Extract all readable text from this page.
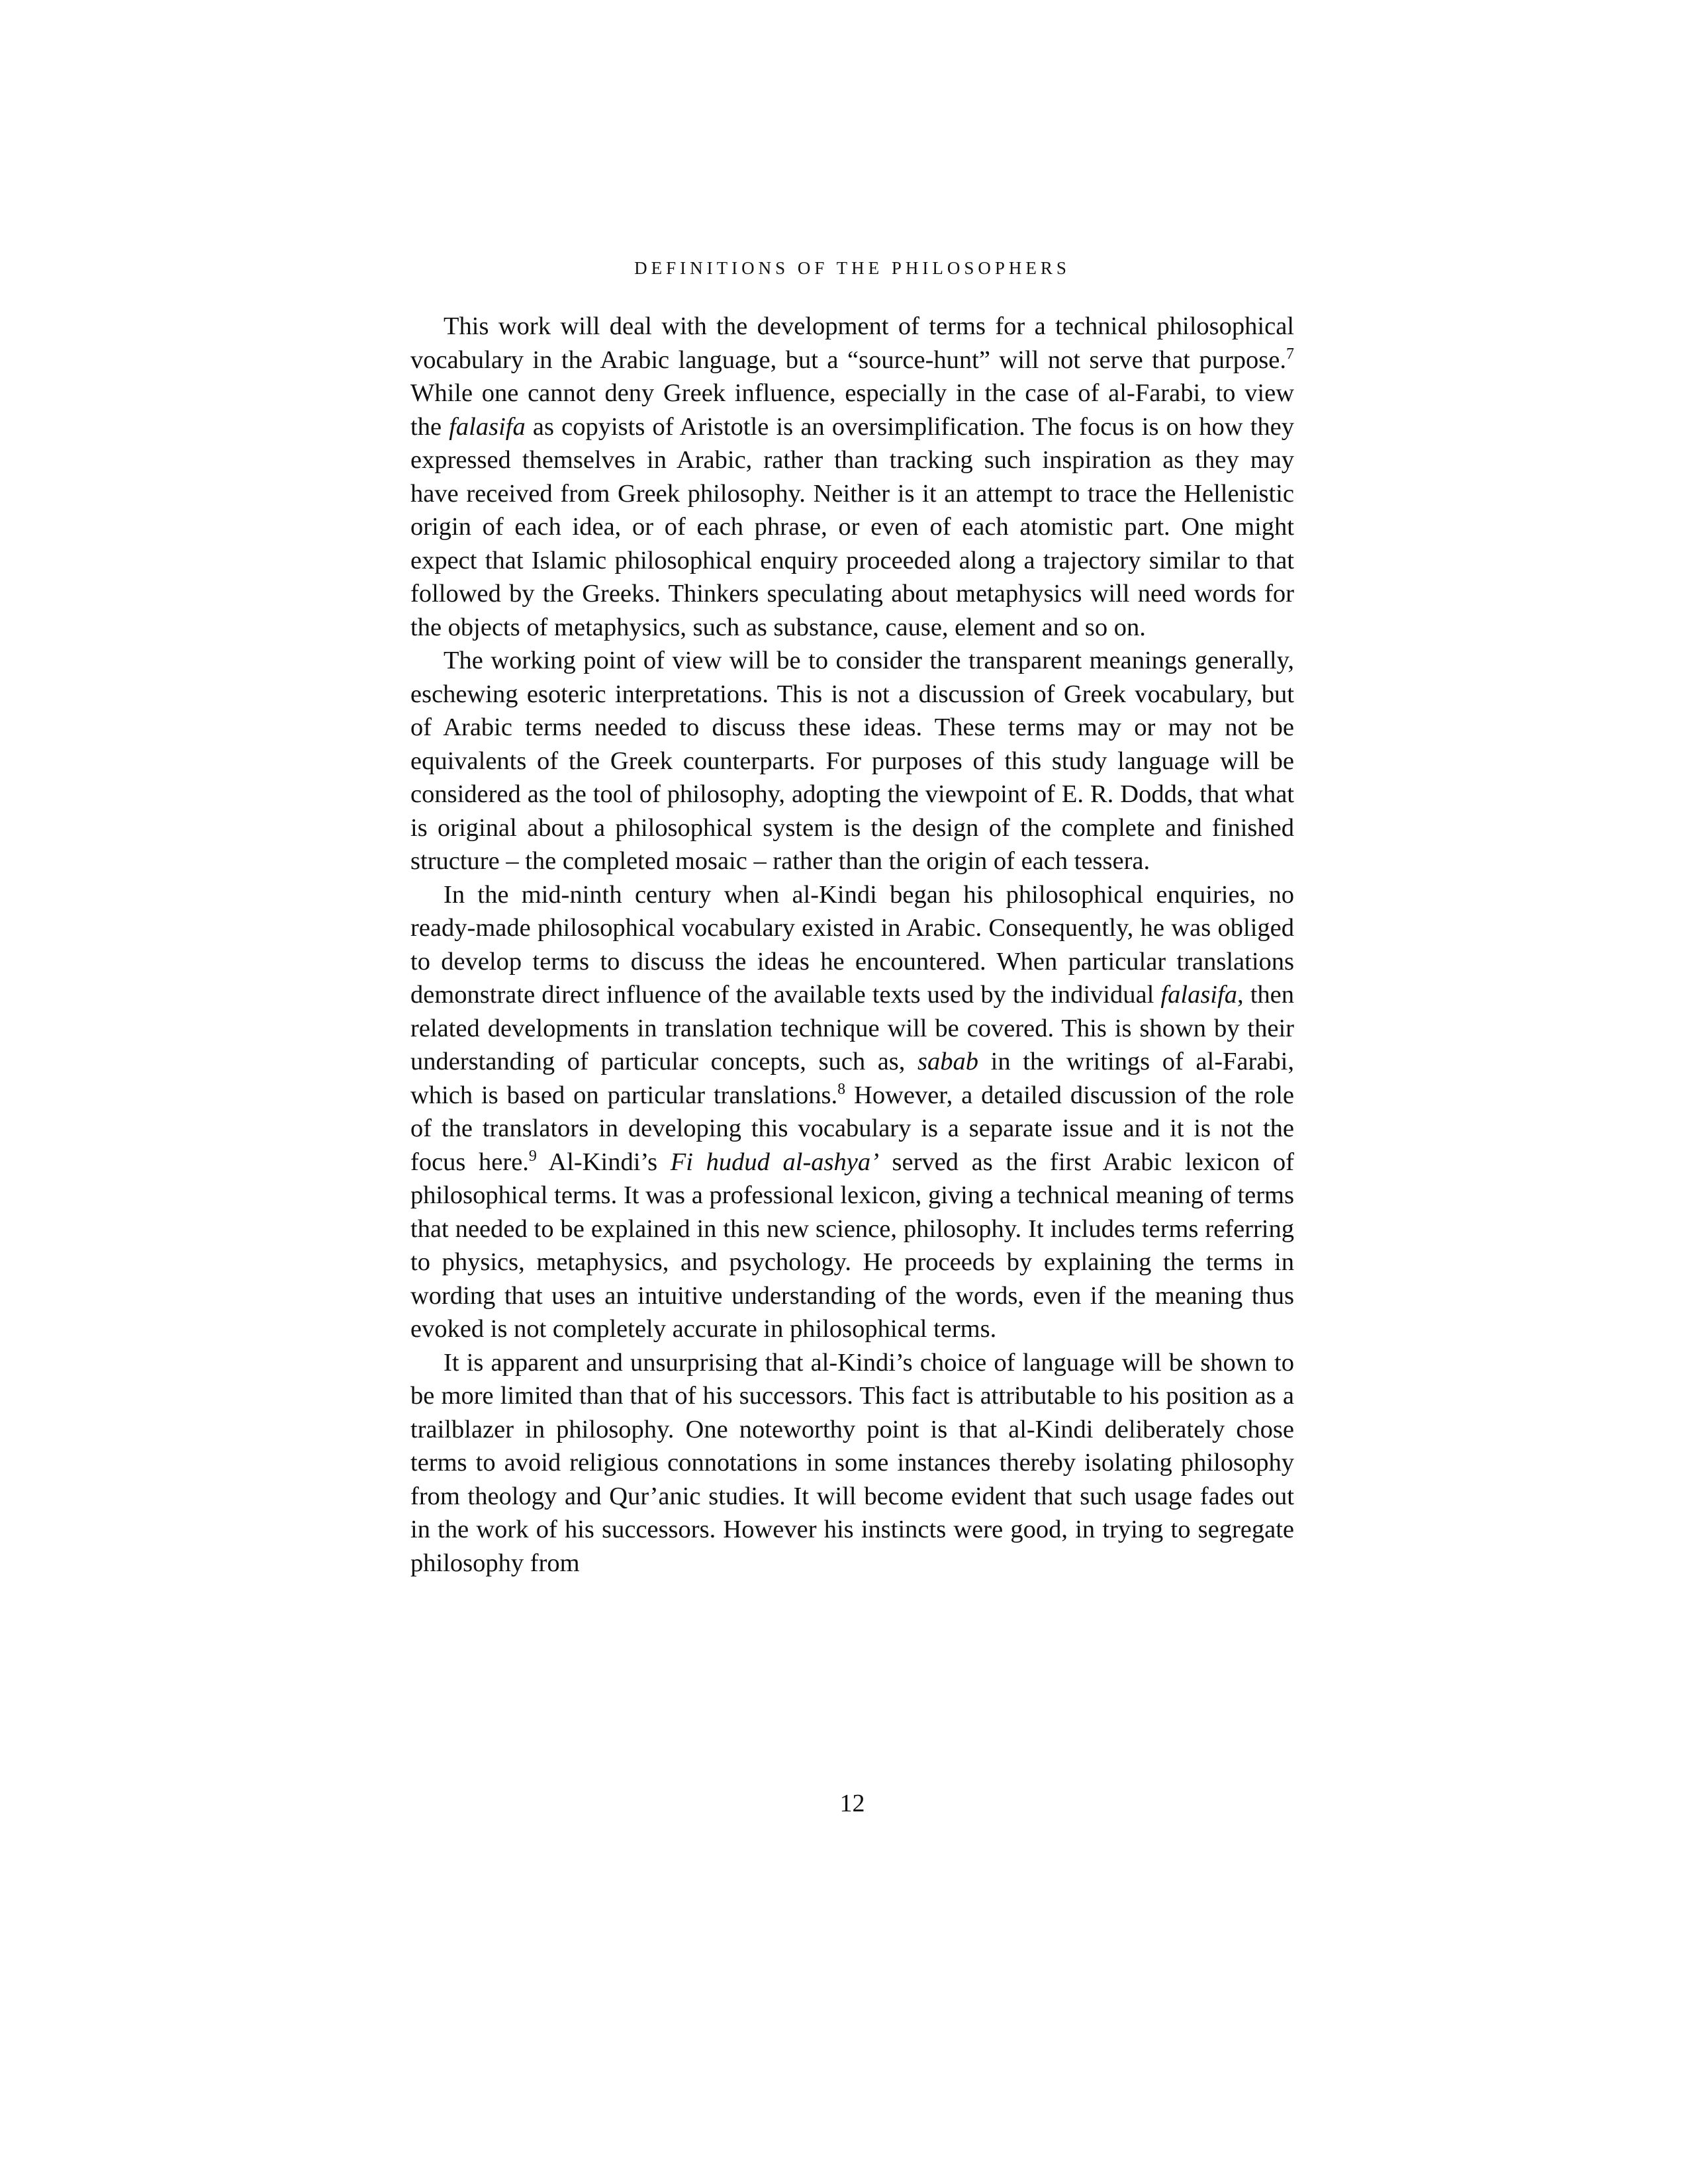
DEFINITIONS OF THE PHILOSOPHERS

This work will deal with the development of terms for a technical philosophical vocabulary in the Arabic language, but a “source-hunt” will not serve that purpose.$^7$ While one cannot deny Greek influence, especially in the case of al-Farabi, to view the falasifa as copyists of Aristotle is an oversimplification. The focus is on how they expressed themselves in Arabic, rather than tracking such inspiration as they may have received from Greek philosophy. Neither is it an attempt to trace the Hellenistic origin of each idea, or of each phrase, or even of each atomistic part. One might expect that Islamic philosophical enquiry proceeded along a trajectory similar to that followed by the Greeks. Thinkers speculating about metaphysics will need words for the objects of metaphysics, such as substance, cause, element and so on.

The working point of view will be to consider the transparent meanings generally, eschewing esoteric interpretations. This is not a discussion of Greek vocabulary, but of Arabic terms needed to discuss these ideas. These terms may or may not be equivalents of the Greek counterparts. For purposes of this study language will be considered as the tool of philosophy, adopting the viewpoint of E. R. Dodds, that what is original about a philosophical system is the design of the complete and finished structure – the completed mosaic – rather than the origin of each tessera.

In the mid-ninth century when al-Kindi began his philosophical enquiries, no ready-made philosophical vocabulary existed in Arabic. Consequently, he was obliged to develop terms to discuss the ideas he encountered. When particular translations demonstrate direct influence of the available texts used by the individual falasifa, then related developments in translation technique will be covered. This is shown by their understanding of particular concepts, such as, sabab in the writings of al-Farabi, which is based on particular translations.$^8$ However, a detailed discussion of the role of the translators in developing this vocabulary is a separate issue and it is not the focus here.$^9$ Al-Kindi’s Fi hudud al-ashya’ served as the first Arabic lexicon of philosophical terms. It was a professional lexicon, giving a technical meaning of terms that needed to be explained in this new science, philosophy. It includes terms referring to physics, metaphysics, and psychology. He proceeds by explaining the terms in wording that uses an intuitive understanding of the words, even if the meaning thus evoked is not completely accurate in philosophical terms.

It is apparent and unsurprising that al-Kindi’s choice of language will be shown to be more limited than that of his successors. This fact is attributable to his position as a trailblazer in philosophy. One noteworthy point is that al-Kindi deliberately chose terms to avoid religious connotations in some instances thereby isolating philosophy from theology and Qur’anic studies. It will become evident that such usage fades out in the work of his successors. However his instincts were good, in trying to segregate philosophy from

12
